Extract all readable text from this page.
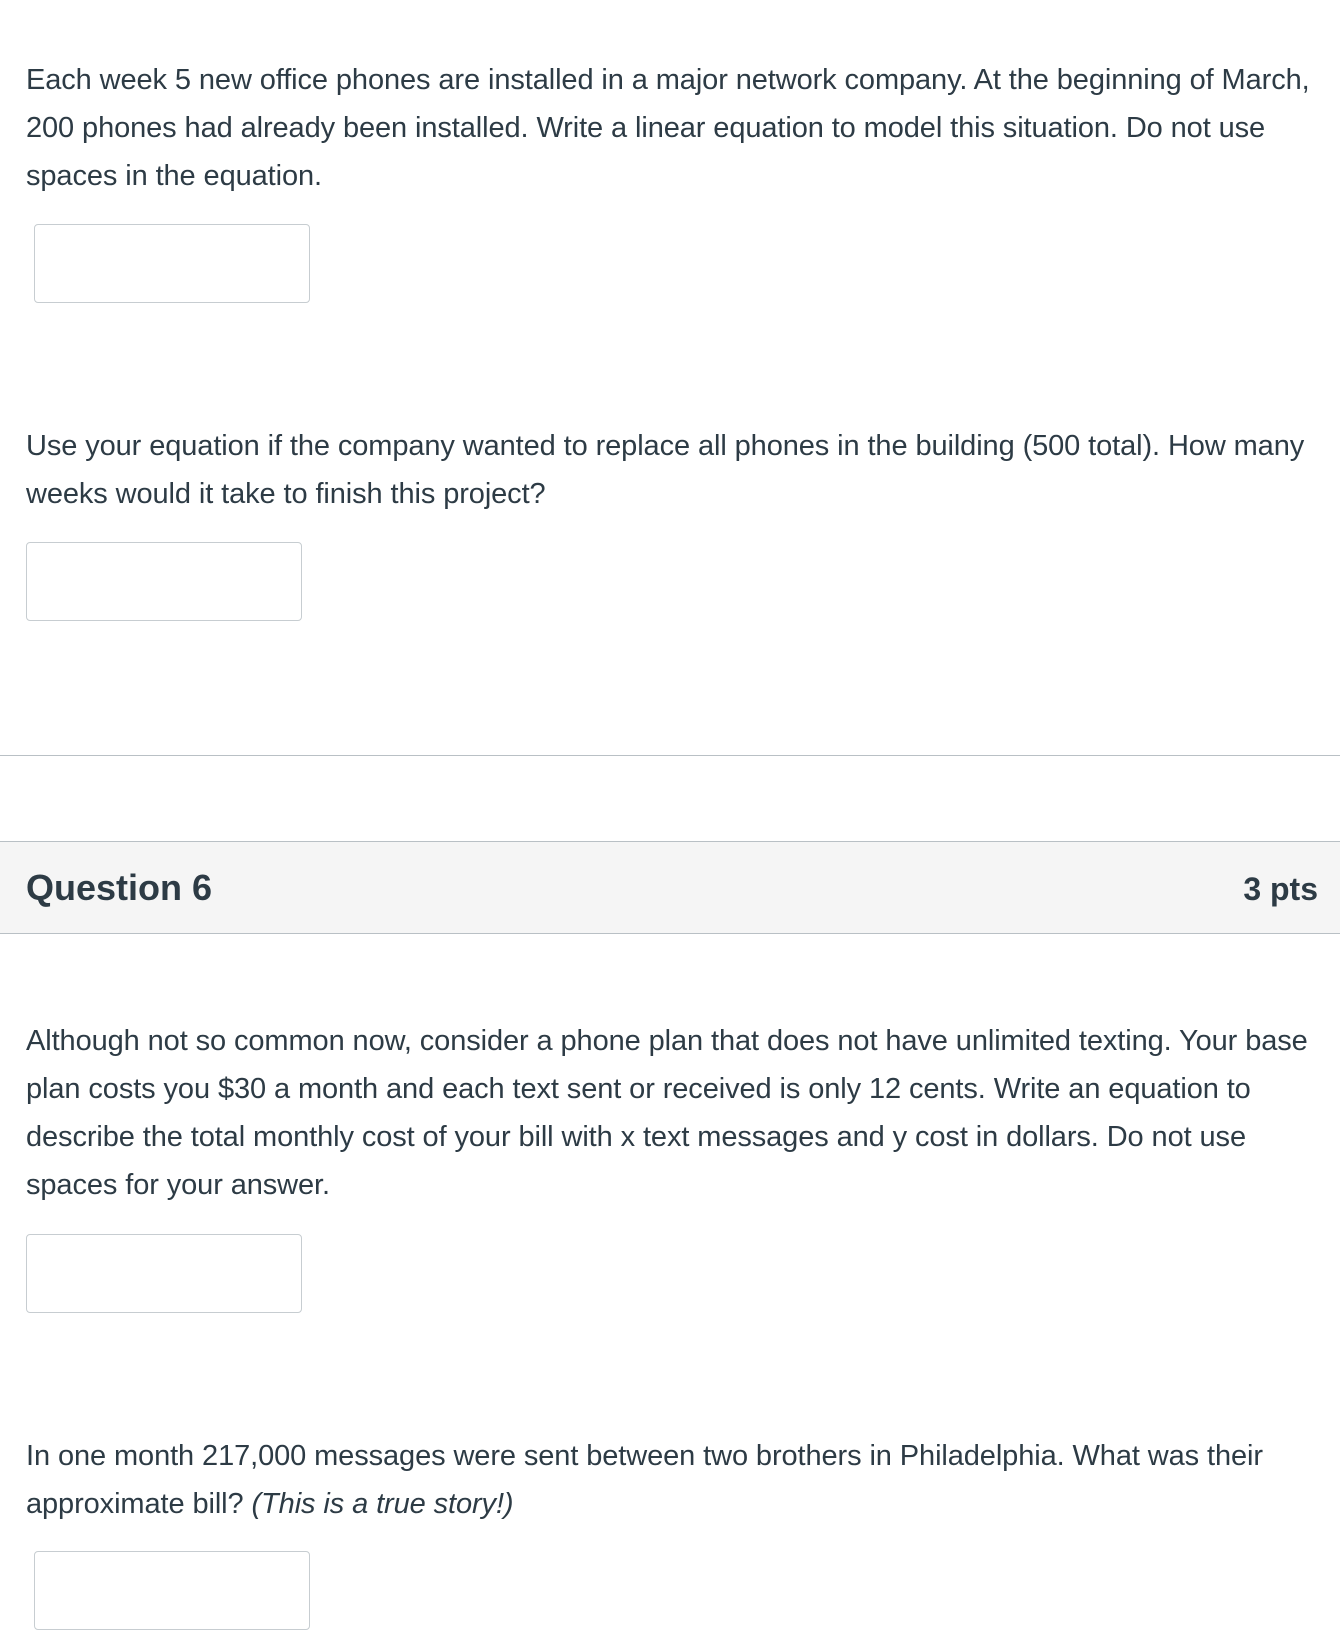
Each week 5 new office phones are installed in a major network company. At the beginning of March, 200 phones had already been installed. Write a linear equation to model this situation. Do not use spaces in the equation.

Use your equation if the company wanted to replace all phones in the building (500 total). How many weeks would it take to finish this project?

Question 6	3 pts

Although not so common now, consider a phone plan that does not have unlimited texting. Your base plan costs you $30 a month and each text sent or received is only 12 cents. Write an equation to describe the total monthly cost of your bill with x text messages and y cost in dollars. Do not use spaces for your answer.

In one month 217,000 messages were sent between two brothers in Philadelphia. What was their approximate bill? (This is a true story!)
